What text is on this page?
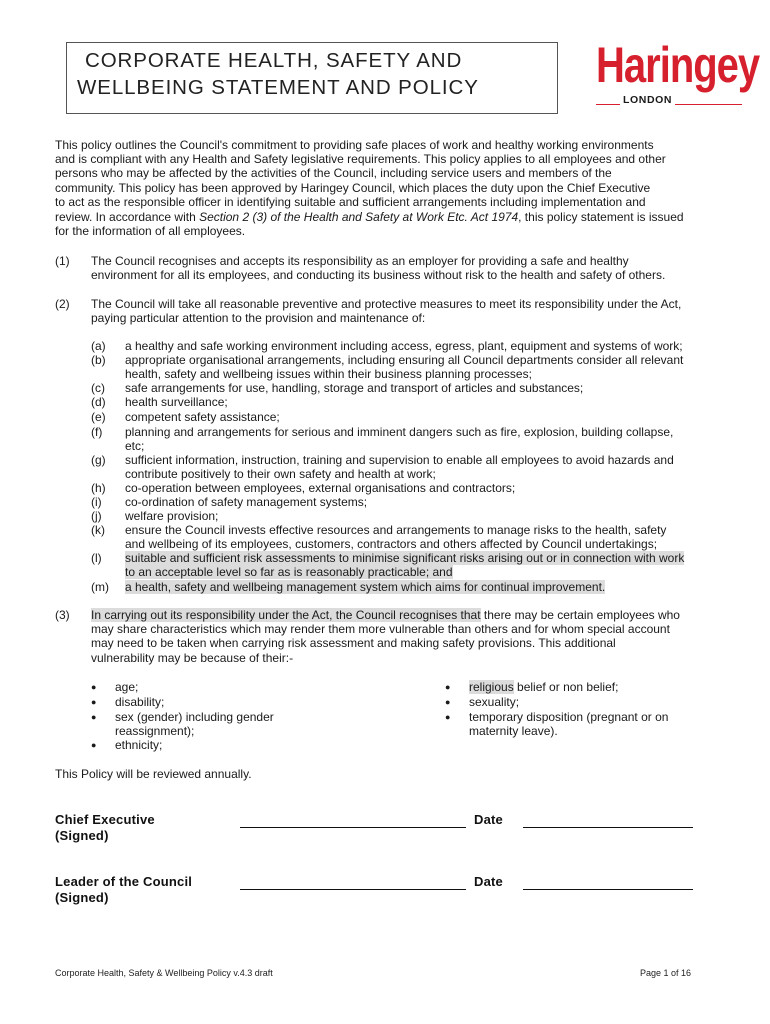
CORPORATE HEALTH, SAFETY AND
WELLBEING STATEMENT AND POLICY	Haringey
LONDON
This policy outlines the Council's commitment to providing safe places of work and healthy working environments
and is compliant with any Health and Safety legislative requirements. This policy applies to all employees and other
persons who may be affected by the activities of the Council, including service users and members of the
community. This policy has been approved by Haringey Council, which places the duty upon the Chief Executive
to act as the responsible officer in identifying suitable and sufficient arrangements including implementation and
review. In accordance with Section 2 (3) of the Health and Safety at Work Etc. Act 1974, this policy statement is issued
for the information of all employees.
(1) The Council recognises and accepts its responsibility as an employer for providing a safe and healthy
environment for all its employees, and conducting its business without risk to the health and safety of others.
(2) The Council will take all reasonable preventive and protective measures to meet its responsibility under the Act,
paying particular attention to the provision and maintenance of:
(a) a healthy and safe working environment including access, egress, plant, equipment and systems of work;
(b) appropriate organisational arrangements, including ensuring all Council departments consider all relevant
health, safety and wellbeing issues within their business planning processes;
(c) safe arrangements for use, handling, storage and transport of articles and substances;
(d) health surveillance;
(e) competent safety assistance;
(f) planning and arrangements for serious and imminent dangers such as fire, explosion, building collapse,
etc;
(g) sufficient information, instruction, training and supervision to enable all employees to avoid hazards and
contribute positively to their own safety and health at work;
(h) co-operation between employees, external organisations and contractors;
(i) co-ordination of safety management systems;
(j) welfare provision;
(k) ensure the Council invests effective resources and arrangements to manage risks to the health, safety
and wellbeing of its employees, customers, contractors and others affected by Council undertakings;
(l) suitable and sufficient risk assessments to minimise significant risks arising out or in connection with work
to an acceptable level so far as is reasonably practicable; and
(m) a health, safety and wellbeing management system which aims for continual improvement.
(3) In carrying out its responsibility under the Act, the Council recognises that there may be certain employees who
may share characteristics which may render them more vulnerable than others and for whom special account
may need to be taken when carrying risk assessment and making safety provisions. This additional
vulnerability may be because of their:-
● age;
● disability;
● sex (gender) including gender
reassignment);
● ethnicity;
● religious belief or non belief;
● sexuality;
● temporary disposition (pregnant or on
maternity leave).
This Policy will be reviewed annually.
Chief Executive
(Signed)
Date
Leader of the Council
(Signed)
Date
Corporate Health, Safety & Wellbeing Policy v.4.3 draft	Page 1 of 16
